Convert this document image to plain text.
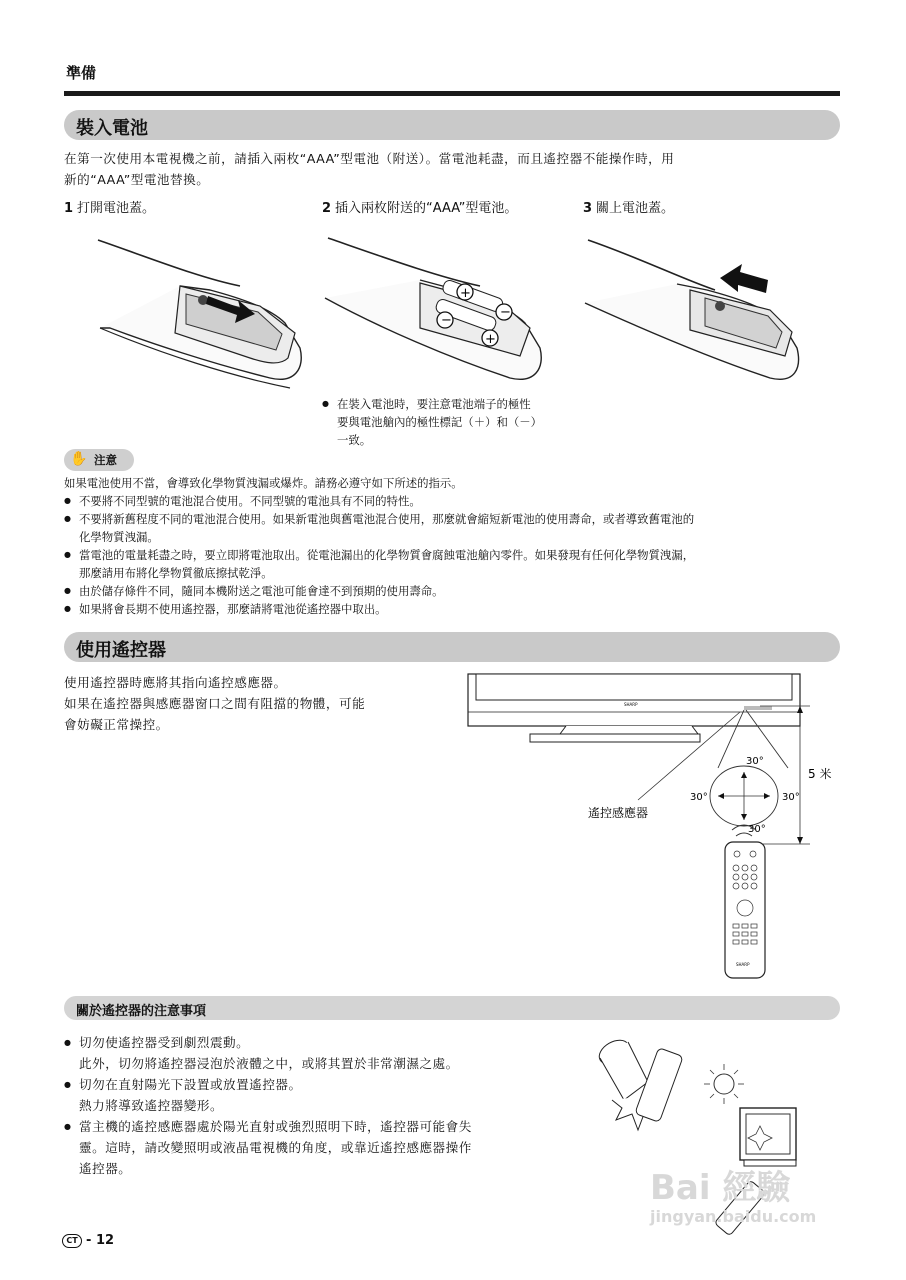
準備
裝入電池
在第一次使用本電視機之前，請插入兩枚“AAA”型電池（附送）。當電池耗盡，而且遙控器不能操作時，用
新的“AAA”型電池替換。
1 打開電池蓋。	2 插入兩枚附送的“AAA”型電池。	3 關上電池蓋。
+
−
−
+
● 在裝入電池時，要注意電池端子的極性
要與電池艙內的極性標記（＋）和（－）
一致。
✋ 注意
如果電池使用不當，會導致化學物質洩漏或爆炸。請務必遵守如下所述的指示。
● 不要將不同型號的電池混合使用。不同型號的電池具有不同的特性。
● 不要將新舊程度不同的電池混合使用。如果新電池與舊電池混合使用，那麼就會縮短新電池的使用壽命，或者導致舊電池的
化學物質洩漏。
● 當電池的電量耗盡之時，要立即將電池取出。從電池漏出的化學物質會腐蝕電池艙內零件。如果發現有任何化學物質洩漏，
那麼請用布將化學物質徹底擦拭乾淨。
● 由於儲存條件不同，隨同本機附送之電池可能會達不到預期的使用壽命。
● 如果將會長期不使用遙控器，那麼請將電池從遙控器中取出。
使用遙控器
使用遙控器時應將其指向遙控感應器。
如果在遙控器與感應器窗口之間有阻擋的物體，可能
會妨礙正常操控。
SHARP
30°
30°	30°
30°
遙控感應器
5 米
SHARP
關於遙控器的注意事項
● 切勿使遙控器受到劇烈震動。
此外，切勿將遙控器浸泡於液體之中，或將其置於非常潮濕之處。
● 切勿在直射陽光下設置或放置遙控器。
熱力將導致遙控器變形。
● 當主機的遙控感應器處於陽光直射或強烈照明下時，遙控器可能會失
靈。這時，請改變照明或液晶電視機的角度，或靠近遙控感應器操作
遙控器。
CT - 12
Bai 經驗
jingyan.baidu.com
